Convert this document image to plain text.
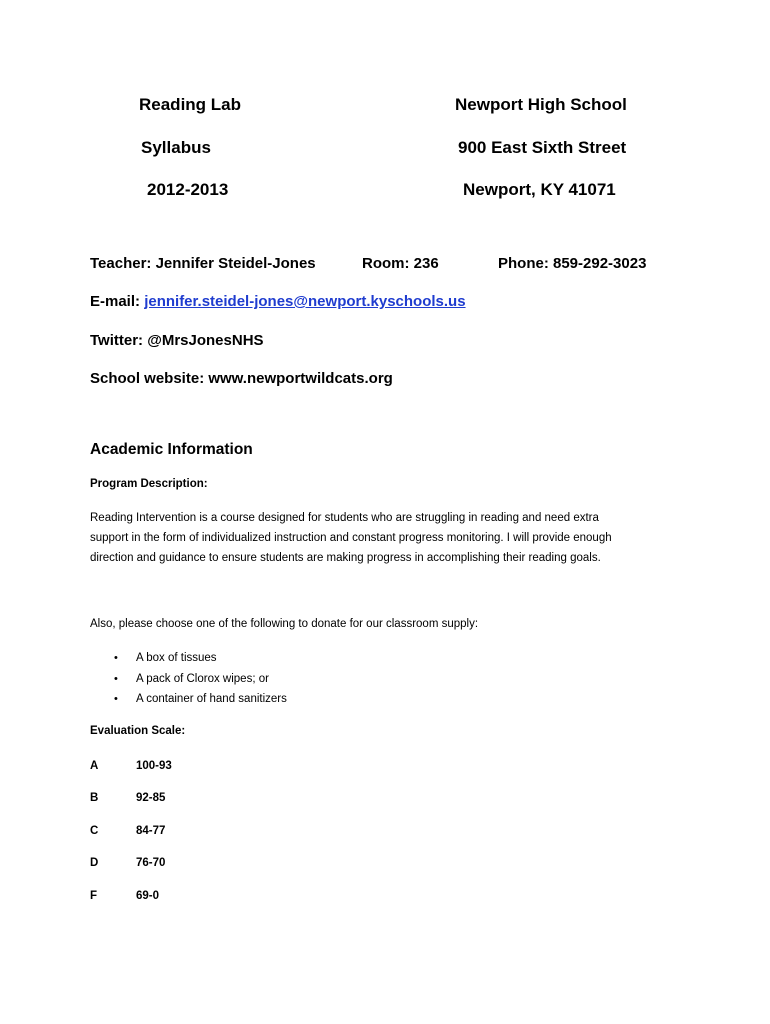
Reading Lab
Syllabus
2012-2013
Newport High School
900 East Sixth Street
Newport, KY 41071
Teacher: Jennifer Steidel-Jones	Room: 236	Phone: 859-292-3023
E-mail: jennifer.steidel-jones@newport.kyschools.us
Twitter: @MrsJonesNHS
School website: www.newportwildcats.org
Academic Information
Program Description:
Reading Intervention is a course designed for students who are struggling in reading and need extra
support in the form of individualized instruction and constant progress monitoring. I will provide enough
direction and guidance to ensure students are making progress in accomplishing their reading goals.
Also, please choose one of the following to donate for our classroom supply:
• A box of tissues
• A pack of Clorox wipes; or
• A container of hand sanitizers
Evaluation Scale:
A	100-93
B	92-85
C	84-77
D	76-70
F	69-0
